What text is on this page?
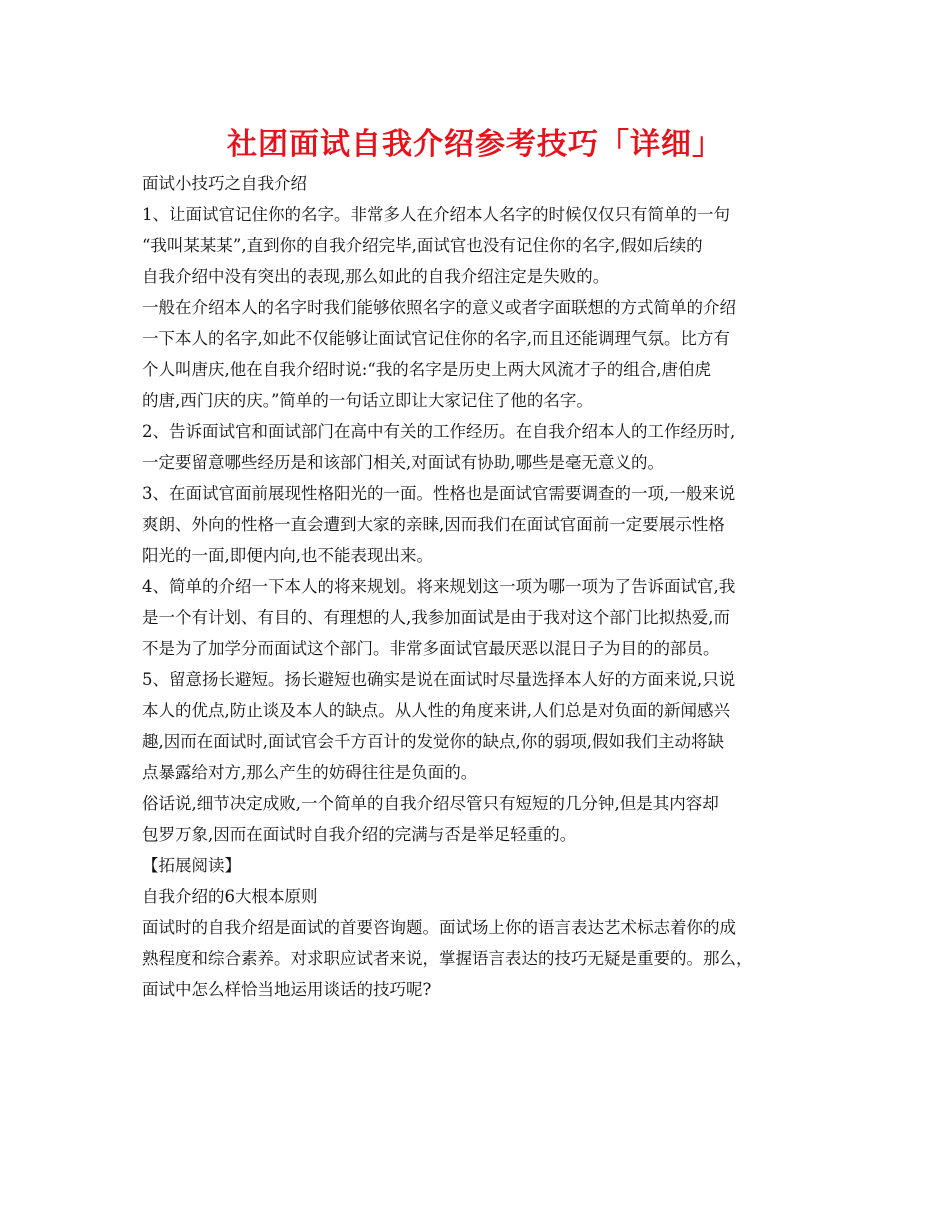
社团面试自我介绍参考技巧「详细」
面试小技巧之自我介绍
1、让面试官记住你的名字。非常多人在介绍本人名字的时候仅仅只有简单的一句
“我叫某某某”,直到你的自我介绍完毕,面试官也没有记住你的名字,假如后续的
自我介绍中没有突出的表现,那么如此的自我介绍注定是失败的。
一般在介绍本人的名字时我们能够依照名字的意义或者字面联想的方式简单的介绍
一下本人的名字,如此不仅能够让面试官记住你的名字,而且还能调理气氛。比方有
个人叫唐庆,他在自我介绍时说:“我的名字是历史上两大风流才子的组合,唐伯虎
的唐,西门庆的庆。”简单的一句话立即让大家记住了他的名字。
2、告诉面试官和面试部门在高中有关的工作经历。在自我介绍本人的工作经历时,
一定要留意哪些经历是和该部门相关,对面试有协助,哪些是毫无意义的。
3、在面试官面前展现性格阳光的一面。性格也是面试官需要调查的一项,一般来说
爽朗、外向的性格一直会遭到大家的亲睐,因而我们在面试官面前一定要展示性格
阳光的一面,即便内向,也不能表现出来。
4、简单的介绍一下本人的将来规划。将来规划这一项为哪一项为了告诉面试官,我
是一个有计划、有目的、有理想的人,我参加面试是由于我对这个部门比拟热爱,而
不是为了加学分而面试这个部门。非常多面试官最厌恶以混日子为目的的部员。
5、留意扬长避短。扬长避短也确实是说在面试时尽量选择本人好的方面来说,只说
本人的优点,防止谈及本人的缺点。从人性的角度来讲,人们总是对负面的新闻感兴
趣,因而在面试时,面试官会千方百计的发觉你的缺点,你的弱项,假如我们主动将缺
点暴露给对方,那么产生的妨碍往往是负面的。
俗话说,细节决定成败,一个简单的自我介绍尽管只有短短的几分钟,但是其内容却
包罗万象,因而在面试时自我介绍的完满与否是举足轻重的。
【拓展阅读】
自我介绍的6大根本原则
面试时的自我介绍是面试的首要咨询题。面试场上你的语言表达艺术标志着你的成
熟程度和综合素养。对求职应试者来说，掌握语言表达的技巧无疑是重要的。那么，
面试中怎么样恰当地运用谈话的技巧呢?
